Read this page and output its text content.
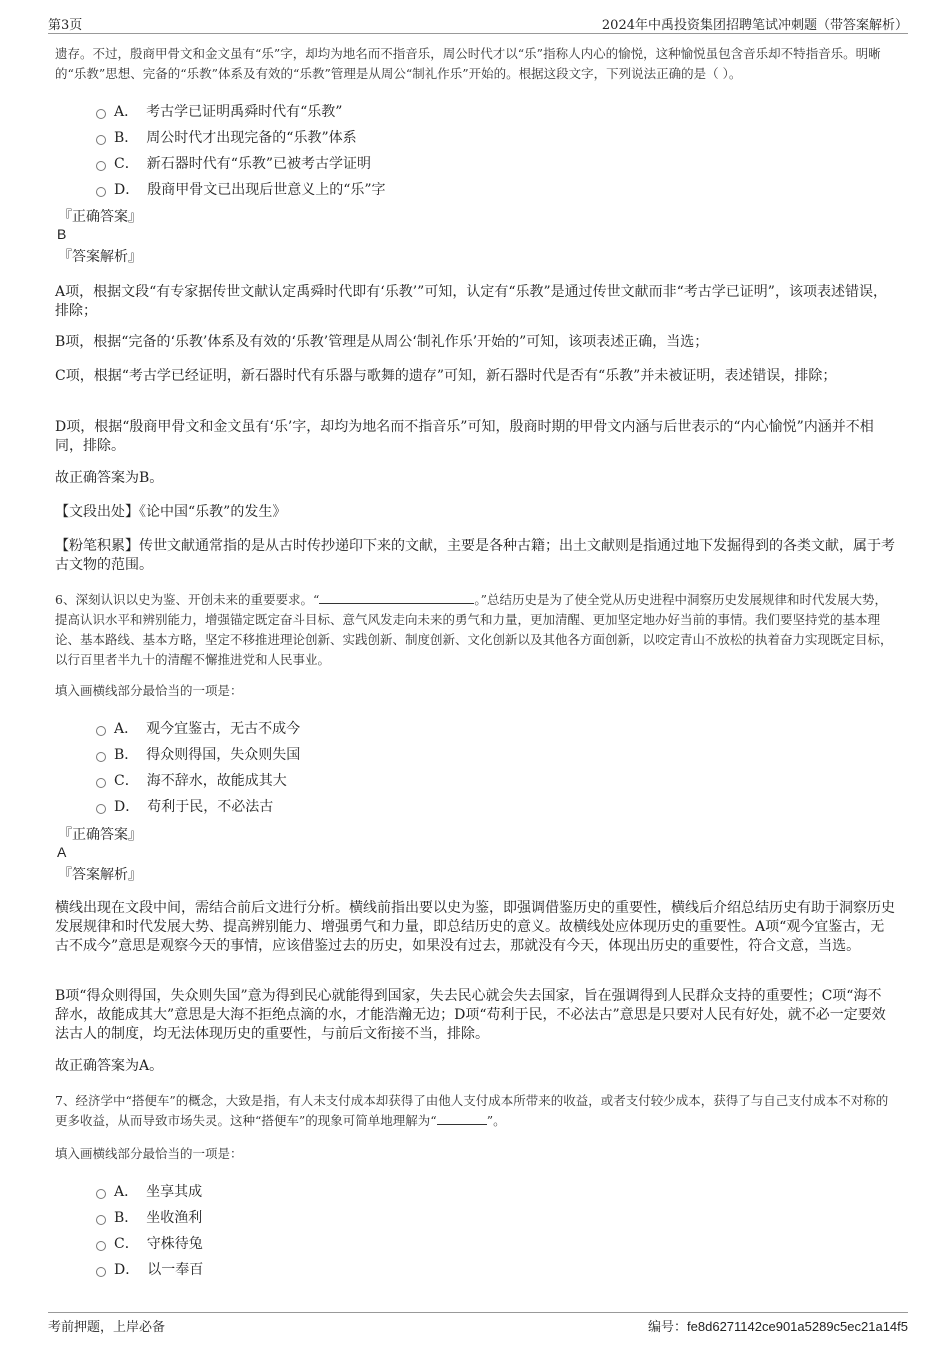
第3页	2024年中禹投资集团招聘笔试冲刺题（带答案解析）
遗存。不过，殷商甲骨文和金文虽有“乐”字，却均为地名而不指音乐，周公时代才以“乐”指称人内心的愉悦，这种愉悦虽包含音乐却不特指音乐。明晰的“乐教”思想、完备的“乐教”体系及有效的“乐教”管理是从周公“制礼作乐”开始的。根据这段文字，下列说法正确的是（ ）。
A． 考古学已证明禹舜时代有“乐教”
B． 周公时代才出现完备的“乐教”体系
C． 新石器时代有“乐教”已被考古学证明
D． 殷商甲骨文已出现后世意义上的“乐”字
『正确答案』
B
『答案解析』
A项，根据文段“有专家据传世文献认定禹舜时代即有‘乐教’”可知，认定有“乐教”是通过传世文献而非“考古学已证明”，该项表述错误，排除；
B项，根据“完备的‘乐教’体系及有效的‘乐教’管理是从周公‘制礼作乐’开始的”可知，该项表述正确，当选；
C项，根据“考古学已经证明，新石器时代有乐器与歌舞的遗存”可知，新石器时代是否有“乐教”并未被证明，表述错误，排除；
D项，根据“殷商甲骨文和金文虽有‘乐’字，却均为地名而不指音乐”可知，殷商时期的甲骨文内涵与后世表示的“内心愉悦”内涵并不相同，排除。
故正确答案为B。
【文段出处】《论中国“乐教”的发生》
【粉笔积累】传世文献通常指的是从古时传抄递印下来的文献，主要是各种古籍；出土文献则是指通过地下发掘得到的各类文献，属于考古文物的范围。
6、深刻认识以史为鉴、开创未来的重要要求。“	。”总结历史是为了使全党从历史进程中洞察历史发展规律和时代发展大势，提高认识水平和辨别能力，增强锚定既定奋斗目标、意气风发走向未来的勇气和力量，更加清醒、更加坚定地办好当前的事情。我们要坚持党的基本理论、基本路线、基本方略，坚定不移推进理论创新、实践创新、制度创新、文化创新以及其他各方面创新，以咬定青山不放松的执着奋力实现既定目标，以行百里者半九十的清醒不懈推进党和人民事业。
填入画横线部分最恰当的一项是：
A． 观今宜鉴古，无古不成今
B． 得众则得国，失众则失国
C． 海不辞水，故能成其大
D． 苟利于民，不必法古
『正确答案』
A
『答案解析』
横线出现在文段中间，需结合前后文进行分析。横线前指出要以史为鉴，即强调借鉴历史的重要性，横线后介绍总结历史有助于洞察历史发展规律和时代发展大势、提高辨别能力、增强勇气和力量，即总结历史的意义。故横线处应体现历史的重要性。A项“观今宜鉴古，无古不成今”意思是观察今天的事情，应该借鉴过去的历史，如果没有过去，那就没有今天，体现出历史的重要性，符合文意，当选。
B项“得众则得国，失众则失国”意为得到民心就能得到国家，失去民心就会失去国家，旨在强调得到人民群众支持的重要性；C项“海不辞水，故能成其大”意思是大海不拒绝点滴的水，才能浩瀚无边；D项“苟利于民，不必法古”意思是只要对人民有好处，就不必一定要效法古人的制度，均无法体现历史的重要性，与前后文衔接不当，排除。
故正确答案为A。
7、经济学中“搭便车”的概念，大致是指，有人未支付成本却获得了由他人支付成本所带来的收益，或者支付较少成本，获得了与自己支付成本不对称的更多收益，从而导致市场失灵。这种“搭便车”的现象可简单地理解为“	”。
填入画横线部分最恰当的一项是：
A． 坐享其成
B． 坐收渔利
C． 守株待兔
D． 以一奉百
考前押题，上岸必备	编号：fe8d6271142ce901a5289c5ec21a14f5
